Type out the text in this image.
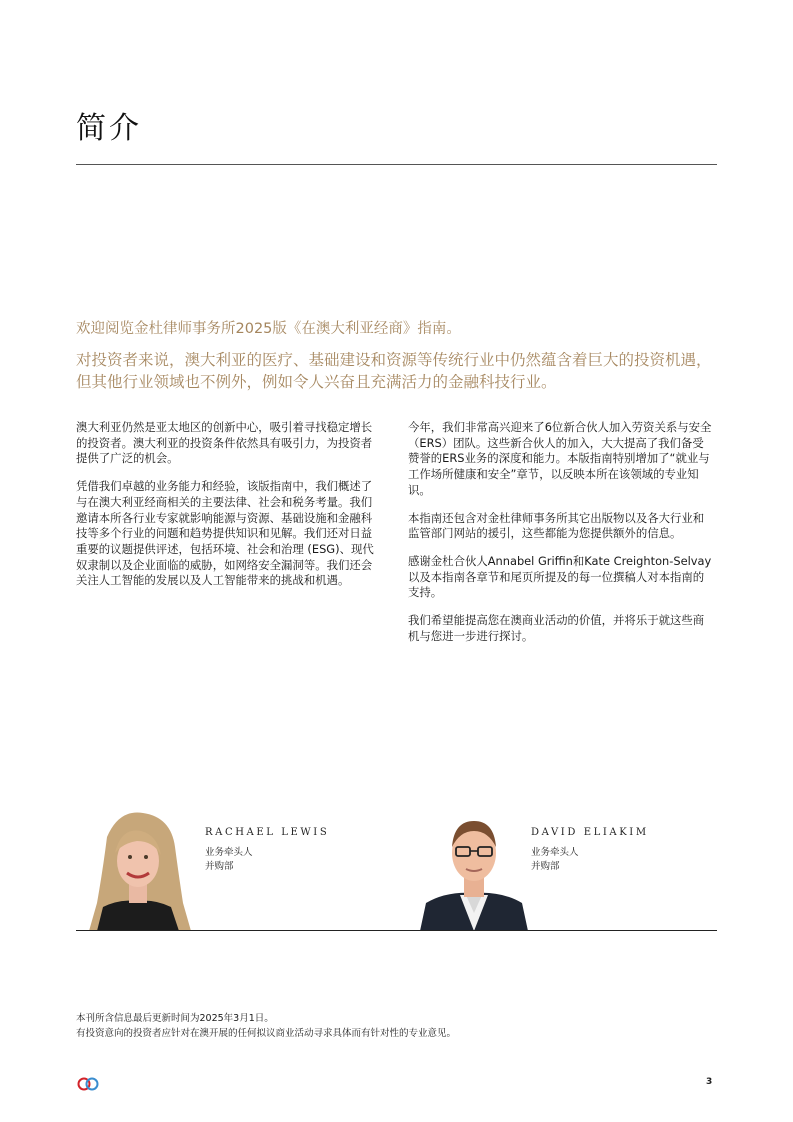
简介

欢迎阅览金杜律师事务所2025版《在澳大利亚经商》指南。

对投资者来说，澳大利亚的医疗、基础建设和资源等传统行业中仍然蕴含着巨大的投资机遇，但其他行业领域也不例外，例如令人兴奋且充满活力的金融科技行业。

澳大利亚仍然是亚太地区的创新中心，吸引着寻找稳定增长的投资者。澳大利亚的投资条件依然具有吸引力，为投资者提供了广泛的机会。

凭借我们卓越的业务能力和经验，该版指南中，我们概述了与在澳大利亚经商相关的主要法律、社会和税务考量。我们邀请本所各行业专家就影响能源与资源、基础设施和金融科技等多个行业的问题和趋势提供知识和见解。我们还对日益重要的议题提供评述，包括环境、社会和治理 (ESG)、现代奴隶制以及企业面临的威胁，如网络安全漏洞等。我们还会关注人工智能的发展以及人工智能带来的挑战和机遇。

今年，我们非常高兴迎来了6位新合伙人加入劳资关系与安全（ERS）团队。这些新合伙人的加入，大大提高了我们备受赞誉的ERS业务的深度和能力。本版指南特别增加了“就业与工作场所健康和安全”章节，以反映本所在该领域的专业知识。

本指南还包含对金杜律师事务所其它出版物以及各大行业和监管部门网站的援引，这些都能为您提供额外的信息。

感谢金杜合伙人Annabel Griffin和Kate Creighton-Selvay以及本指南各章节和尾页所提及的每一位撰稿人对本指南的支持。

我们希望能提高您在澳商业活动的价值，并将乐于就这些商机与您进一步进行探讨。

RACHAEL LEWIS
业务牵头人
并购部
DAVID ELIAKIM
业务牵头人
并购部
本刊所含信息最后更新时间为2025年3月1日。
有投资意向的投资者应针对在澳开展的任何拟议商业活动寻求具体而有针对性的专业意见。
3
